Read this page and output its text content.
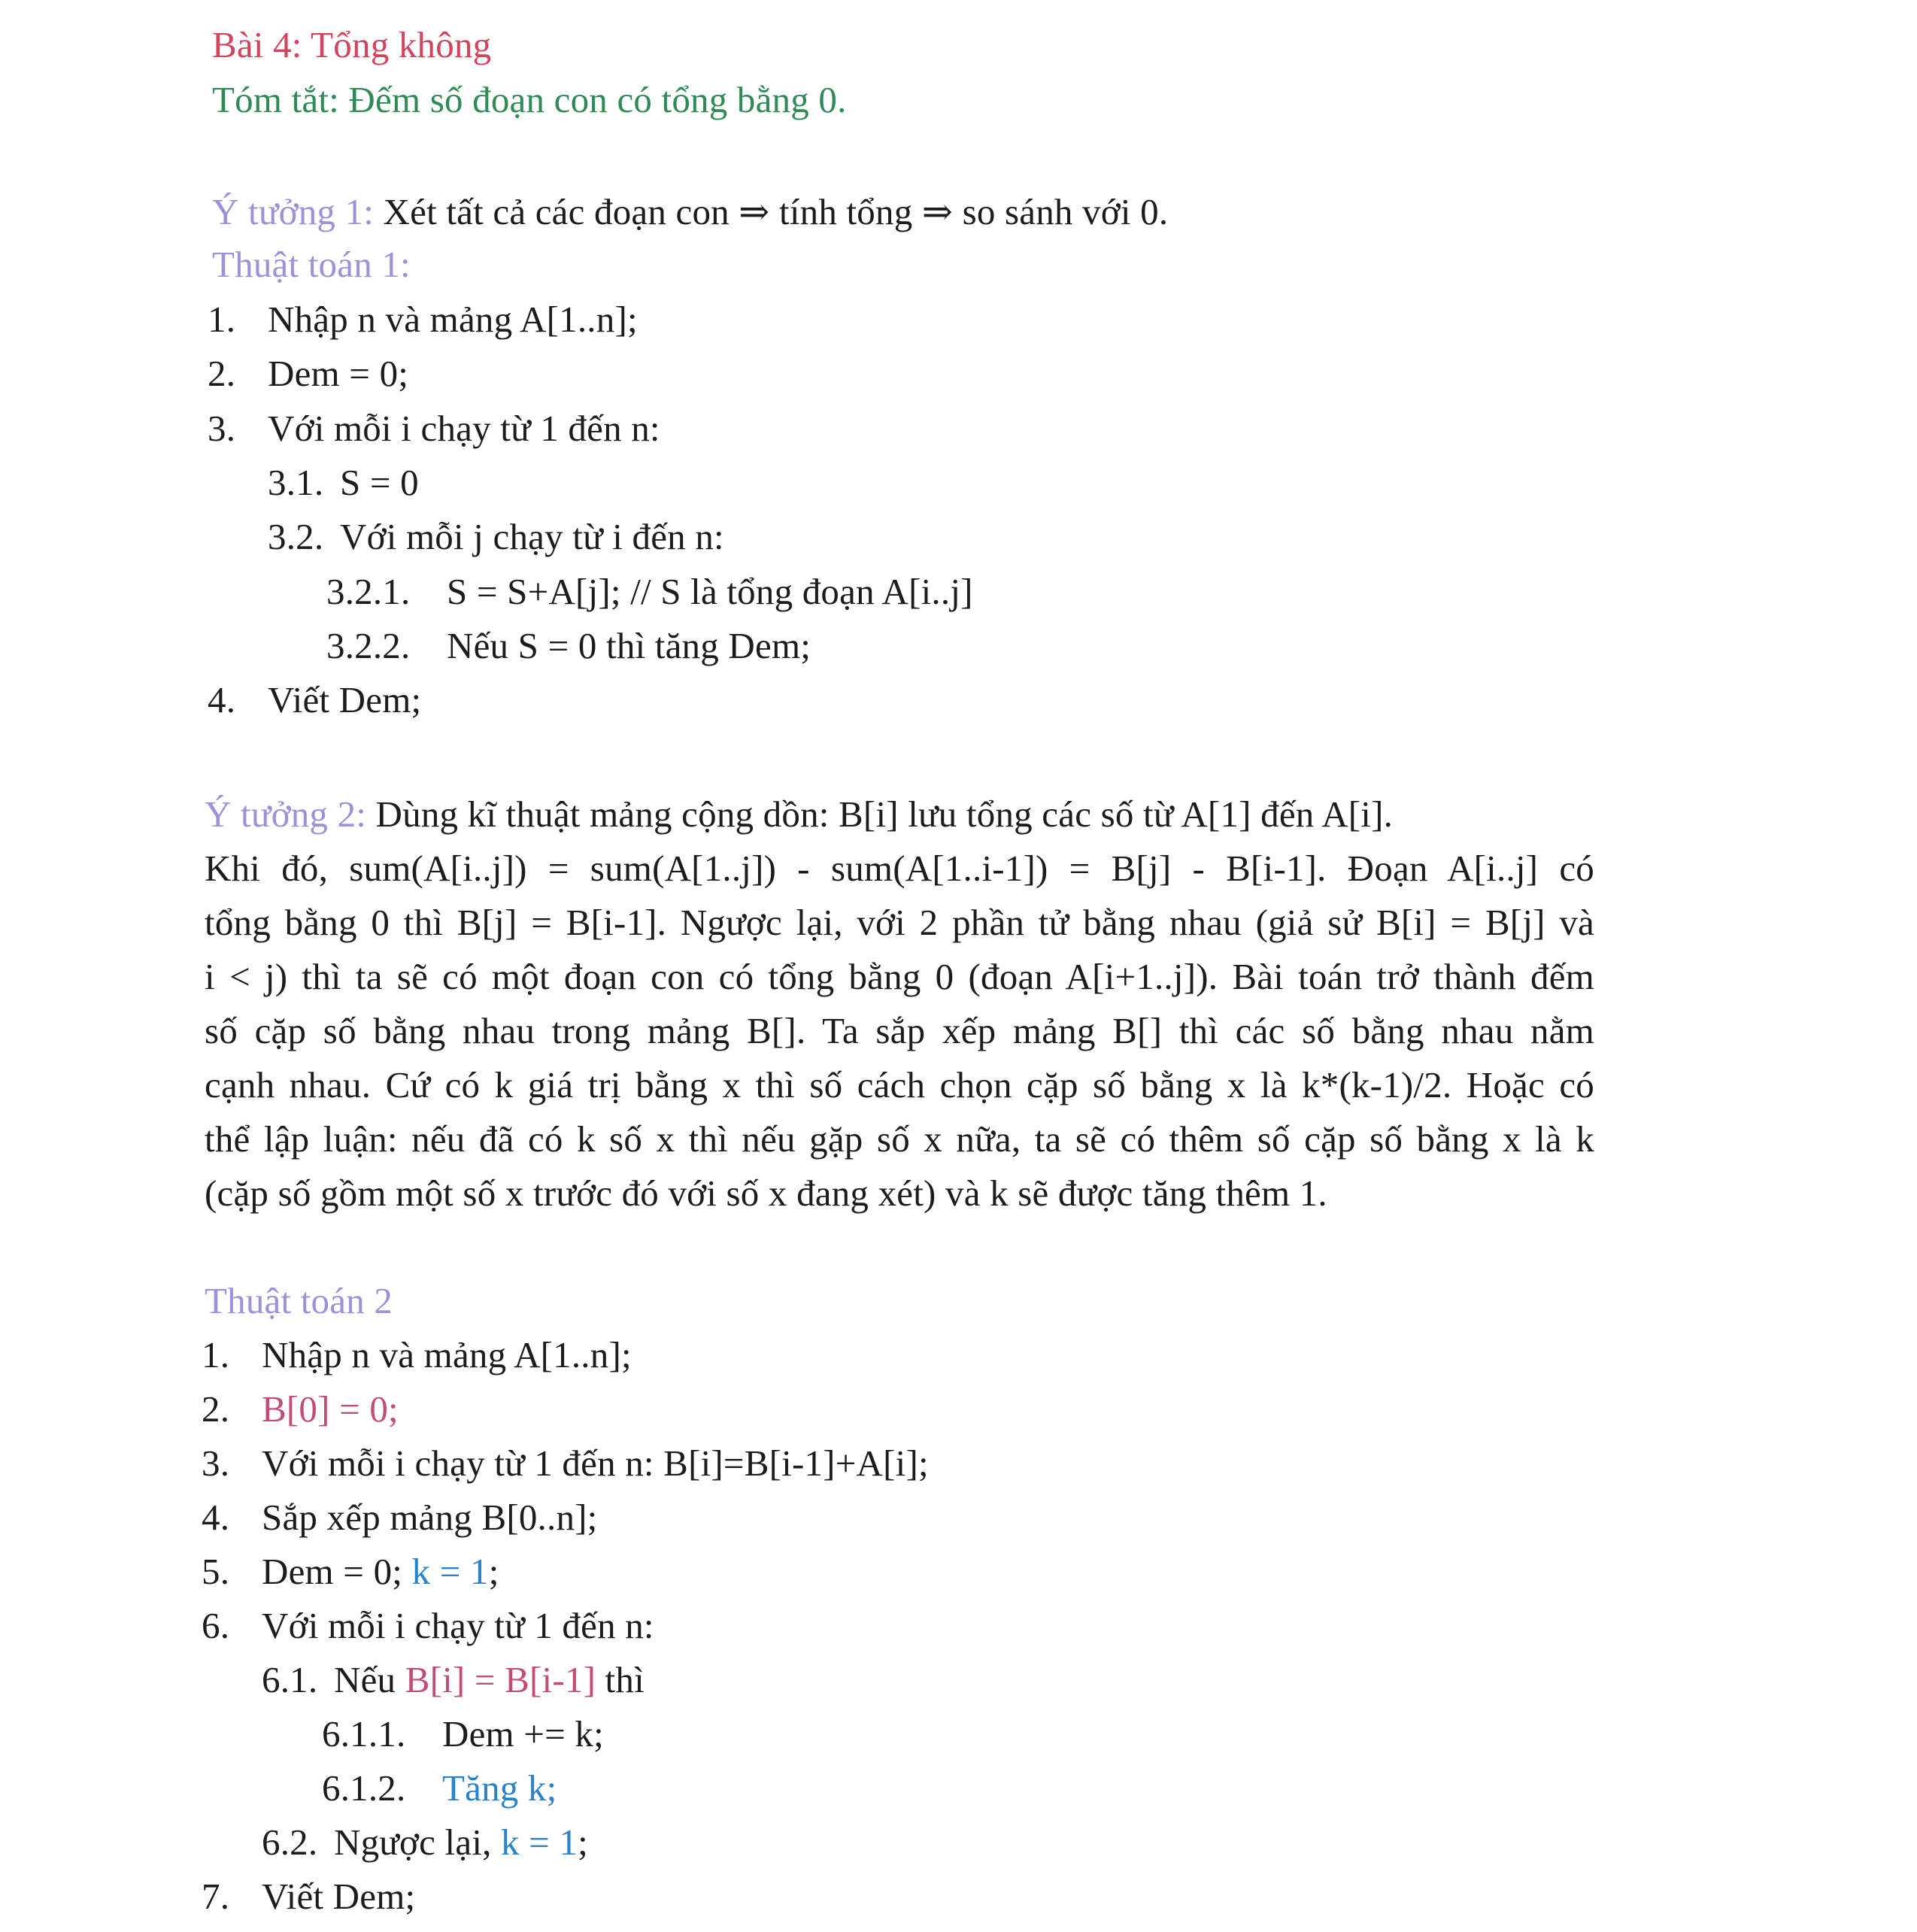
Bài 4: Tổng không
Tóm tắt: Đếm số đoạn con có tổng bằng 0.
Ý tưởng 1: Xét tất cả các đoạn con ⇒ tính tổng ⇒ so sánh với 0.
Thuật toán 1:
1. Nhập n và mảng A[1..n];
2. Dem = 0;
3. Với mỗi i chạy từ 1 đến n:
3.1. S = 0
3.2. Với mỗi j chạy từ i đến n:
3.2.1. S = S+A[j]; // S là tổng đoạn A[i..j]
3.2.2. Nếu S = 0 thì tăng Dem;
4. Viết Dem;
Ý tưởng 2: Dùng kĩ thuật mảng cộng dồn: B[i] lưu tổng các số từ A[1] đến A[i].
Khi đó, sum(A[i..j]) = sum(A[1..j]) - sum(A[1..i-1]) = B[j] - B[i-1]. Đoạn A[i..j] có
tổng bằng 0 thì B[j] = B[i-1]. Ngược lại, với 2 phần tử bằng nhau (giả sử B[i] = B[j] và
i < j) thì ta sẽ có một đoạn con có tổng bằng 0 (đoạn A[i+1..j]). Bài toán trở thành đếm
số cặp số bằng nhau trong mảng B[]. Ta sắp xếp mảng B[] thì các số bằng nhau nằm
cạnh nhau. Cứ có k giá trị bằng x thì số cách chọn cặp số bằng x là k*(k-1)/2. Hoặc có
thể lập luận: nếu đã có k số x thì nếu gặp số x nữa, ta sẽ có thêm số cặp số bằng x là k
(cặp số gồm một số x trước đó với số x đang xét) và k sẽ được tăng thêm 1.
Thuật toán 2
1. Nhập n và mảng A[1..n];
2. B[0] = 0;
3. Với mỗi i chạy từ 1 đến n: B[i]=B[i-1]+A[i];
4. Sắp xếp mảng B[0..n];
5. Dem = 0; k = 1;
6. Với mỗi i chạy từ 1 đến n:
6.1. Nếu B[i] = B[i-1] thì
6.1.1. Dem += k;
6.1.2. Tăng k;
6.2. Ngược lại, k = 1;
7. Viết Dem;
